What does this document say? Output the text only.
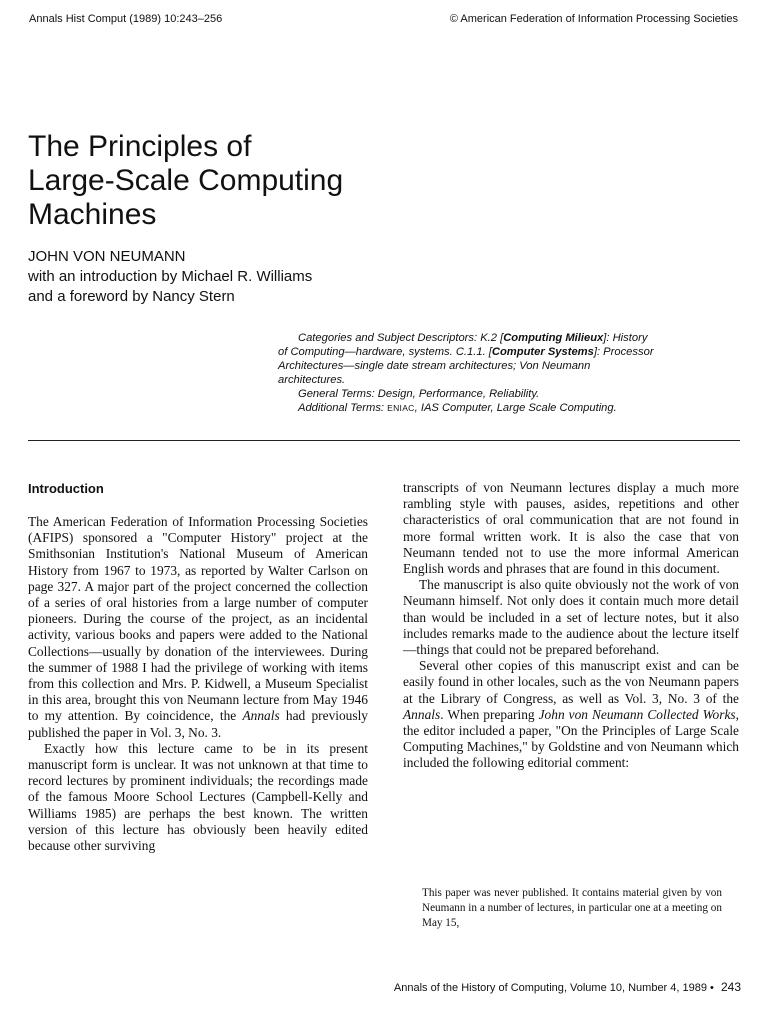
Annals Hist Comput (1989) 10:243–256	© American Federation of Information Processing Societies
The Principles of
Large-Scale Computing
Machines
JOHN VON NEUMANN
with an introduction by Michael R. Williams
and a foreword by Nancy Stern
Categories and Subject Descriptors: K.2 [Computing Milieux]: History
of Computing—hardware, systems. C.1.1. [Computer Systems]: Processor
Architectures—single date stream architectures; Von Neumann
architectures.
General Terms: Design, Performance, Reliability.
Additional Terms: ENIAC, IAS Computer, Large Scale Computing.
Introduction

The American Federation of Information Processing Societies (AFIPS) sponsored a "Computer History" project at the Smithsonian Institution's National Museum of American History from 1967 to 1973, as reported by Walter Carlson on page 327. A major part of the project concerned the collection of a series of oral histories from a large number of computer pioneers. During the course of the project, as an incidental activity, various books and papers were added to the National Collections—usually by donation of the interviewees. During the summer of 1988 I had the privilege of working with items from this collection and Mrs. P. Kidwell, a Museum Specialist in this area, brought this von Neumann lecture from May 1946 to my attention. By coincidence, the Annals had previously published the paper in Vol. 3, No. 3.

Exactly how this lecture came to be in its present manuscript form is unclear. It was not unknown at that time to record lectures by prominent individuals; the recordings made of the famous Moore School Lectures (Campbell-Kelly and Williams 1985) are perhaps the best known. The written version of this lecture has obviously been heavily edited because other surviving

transcripts of von Neumann lectures display a much more rambling style with pauses, asides, repetitions and other characteristics of oral communication that are not found in more formal written work. It is also the case that von Neumann tended not to use the more informal American English words and phrases that are found in this document.

The manuscript is also quite obviously not the work of von Neumann himself. Not only does it contain much more detail than would be included in a set of lecture notes, but it also includes remarks made to the audience about the lecture itself—things that could not be prepared beforehand.

Several other copies of this manuscript exist and can be easily found in other locales, such as the von Neumann papers at the Library of Congress, as well as Vol. 3, No. 3 of the Annals. When preparing John von Neumann Collected Works, the editor included a paper, "On the Principles of Large Scale Computing Machines," by Goldstine and von Neumann which included the following editorial comment:

This paper was never published. It contains material given by von Neumann in a number of lectures, in particular one at a meeting on May 15,
Annals of the History of Computing, Volume 10, Number 4, 1989 • 243
